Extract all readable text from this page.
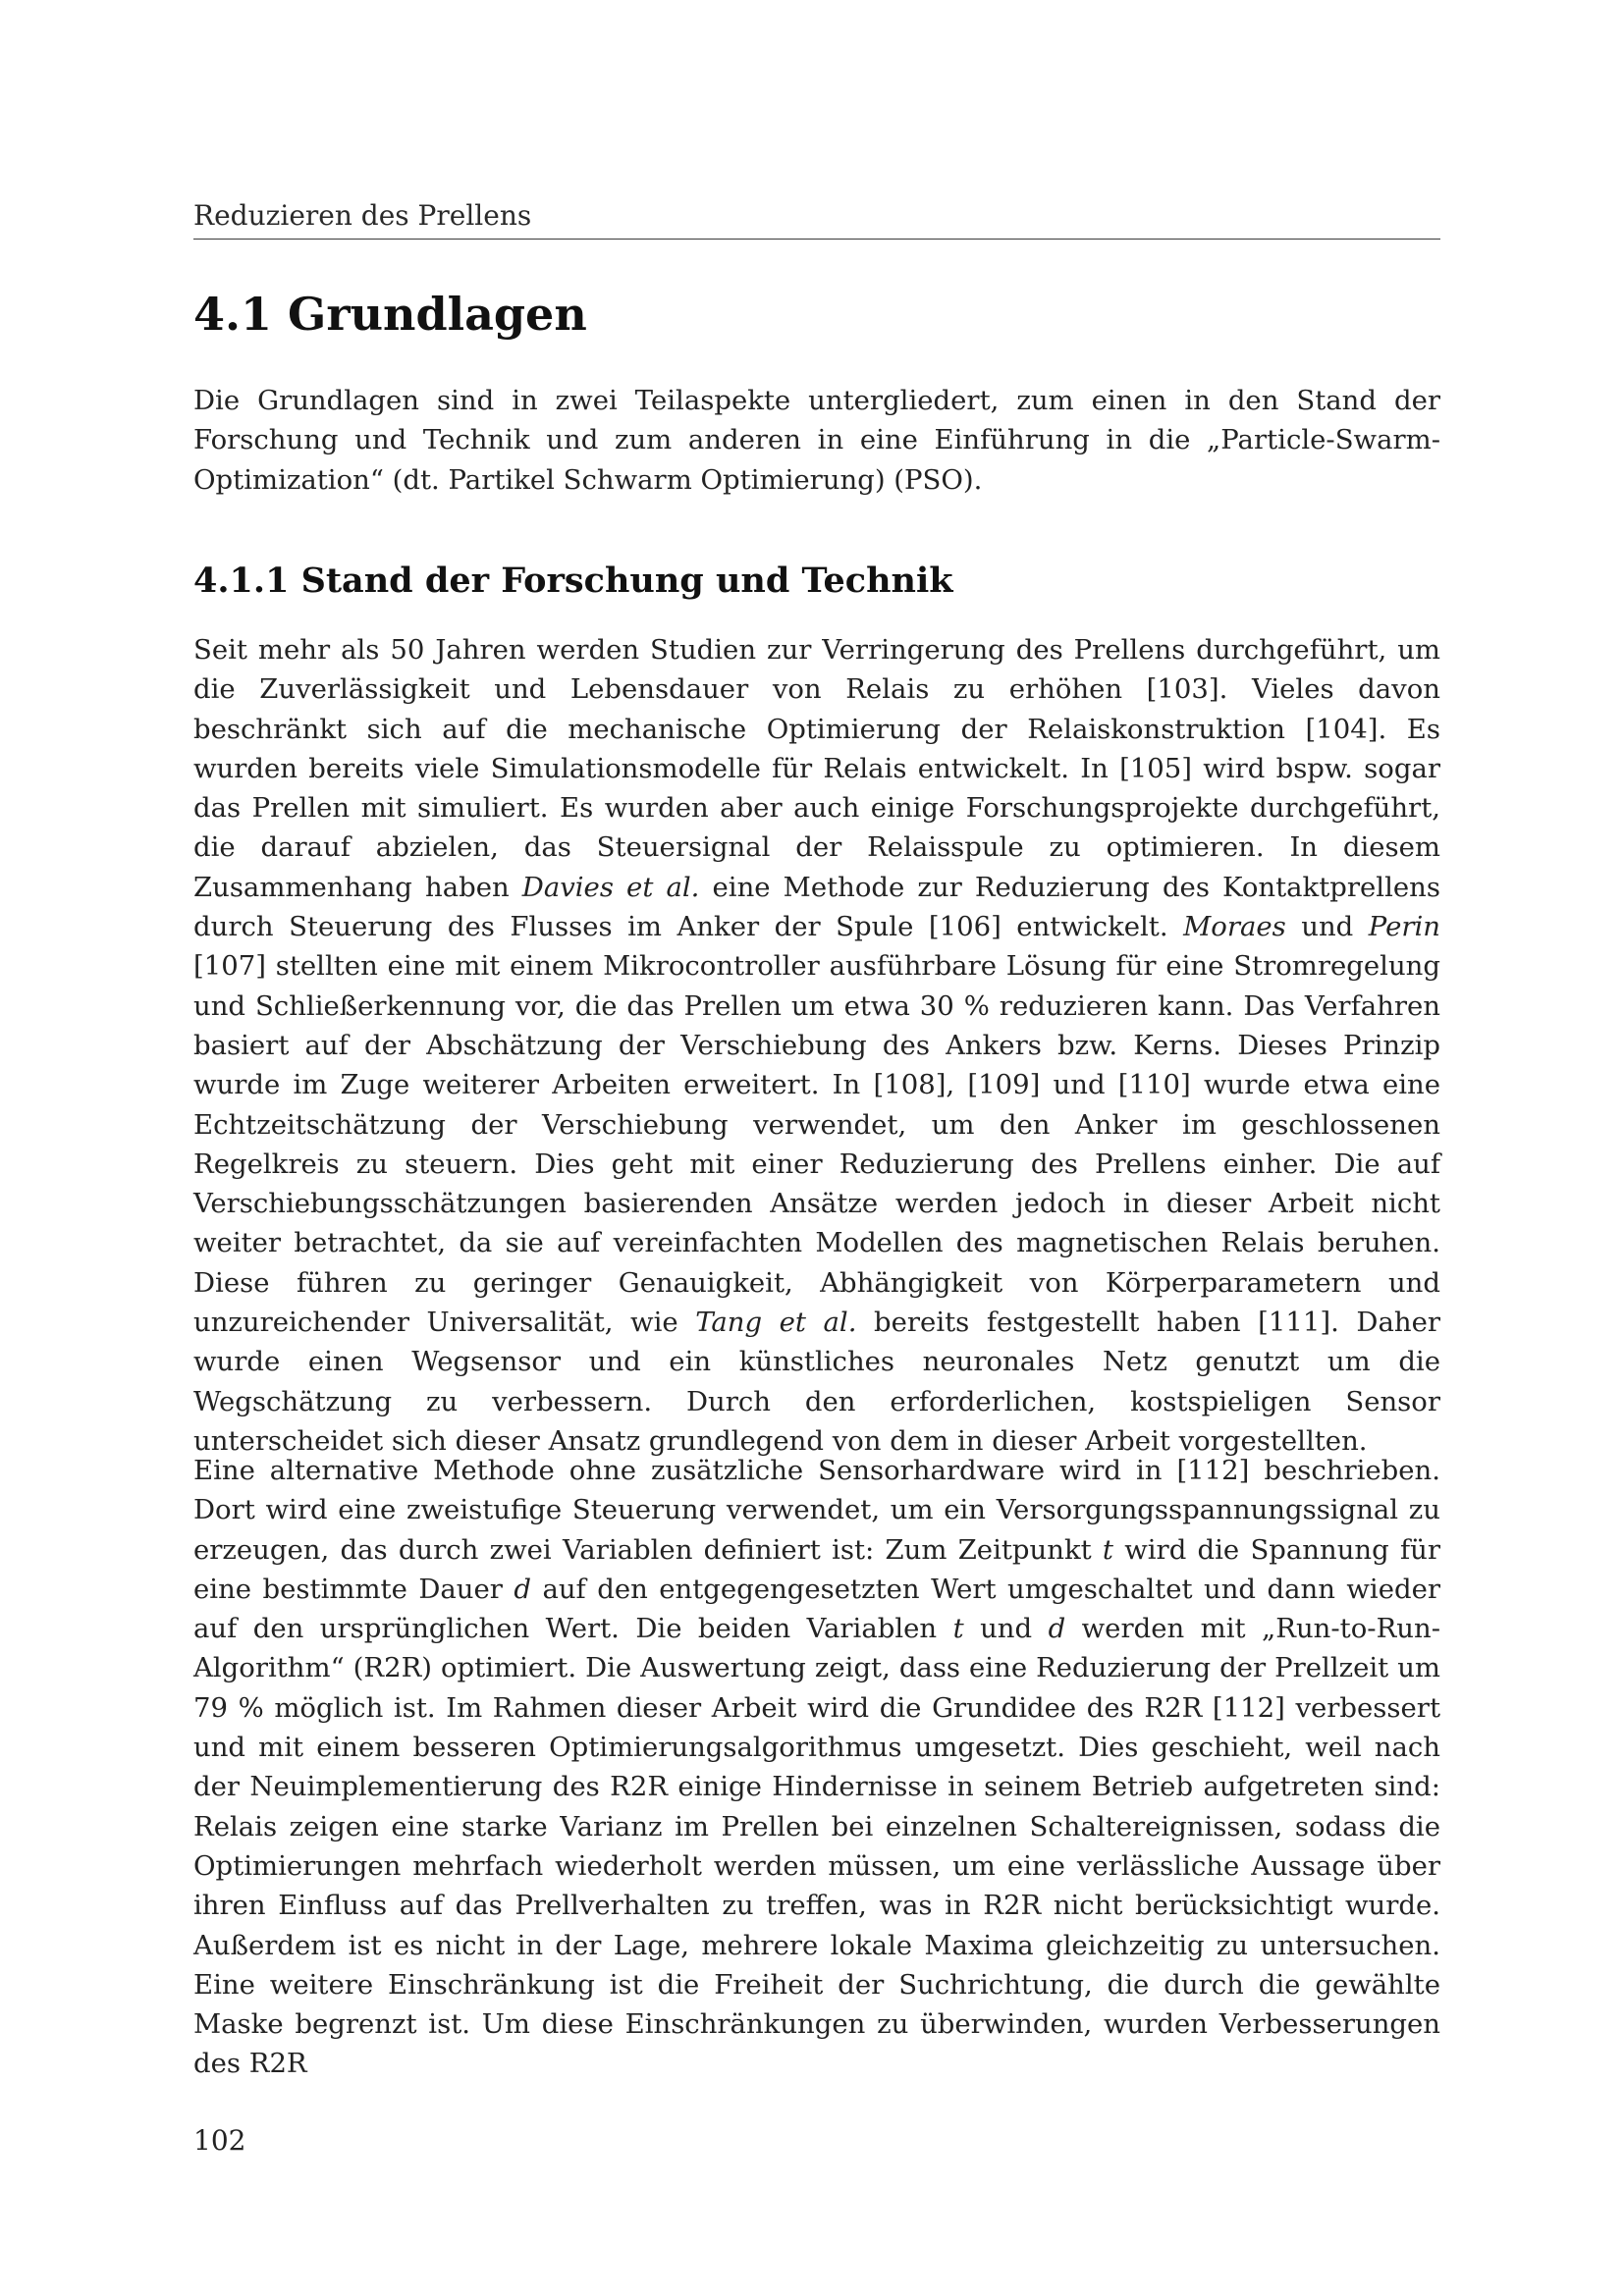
Reduzieren des Prellens
4.1 Grundlagen

Die Grundlagen sind in zwei Teilaspekte untergliedert, zum einen in den Stand der Forschung und Technik und zum anderen in eine Einführung in die „Particle-Swarm-Optimization“ (dt. Partikel Schwarm Optimierung) (PSO).

4.1.1 Stand der Forschung und Technik

Seit mehr als 50 Jahren werden Studien zur Verringerung des Prellens durchgeführt, um die Zuverlässigkeit und Lebensdauer von Relais zu erhöhen [103]. Vieles davon beschränkt sich auf die mechanische Optimierung der Relaiskonstruktion [104]. Es wurden bereits viele Simulationsmodelle für Relais entwickelt. In [105] wird bspw. sogar das Prellen mit simuliert. Es wurden aber auch einige Forschungsprojekte durchgeführt, die darauf abzielen, das Steuersignal der Relaisspule zu optimieren. In diesem Zusammenhang haben Davies et al. eine Methode zur Reduzierung des Kontaktprellens durch Steuerung des Flusses im Anker der Spule [106] entwickelt. Moraes und Perin [107] stellten eine mit einem Mikrocontroller ausführbare Lösung für eine Stromregelung und Schließerkennung vor, die das Prellen um etwa 30 % reduzieren kann. Das Verfahren basiert auf der Abschätzung der Verschiebung des Ankers bzw. Kerns. Dieses Prinzip wurde im Zuge weiterer Arbeiten erweitert. In [108], [109] und [110] wurde etwa eine Echtzeitschätzung der Verschiebung verwendet, um den Anker im geschlossenen Regelkreis zu steuern. Dies geht mit einer Reduzierung des Prellens einher. Die auf Verschiebungsschätzungen basierenden Ansätze werden jedoch in dieser Arbeit nicht weiter betrachtet, da sie auf vereinfachten Modellen des magnetischen Relais beruhen. Diese führen zu geringer Genauigkeit, Abhängigkeit von Körperparametern und unzureichender Universalität, wie Tang et al. bereits festgestellt haben [111]. Daher wurde einen Wegsensor und ein künstliches neuronales Netz genutzt um die Wegschätzung zu verbessern. Durch den erforderlichen, kostspieligen Sensor unterscheidet sich dieser Ansatz grundlegend von dem in dieser Arbeit vorgestellten.

Eine alternative Methode ohne zusätzliche Sensorhardware wird in [112] beschrieben. Dort wird eine zweistufige Steuerung verwendet, um ein Versorgungsspannungssignal zu erzeugen, das durch zwei Variablen definiert ist: Zum Zeitpunkt t wird die Spannung für eine bestimmte Dauer d auf den entgegengesetzten Wert umgeschaltet und dann wieder auf den ursprünglichen Wert. Die beiden Variablen t und d werden mit „Run-to-Run-Algorithm“ (R2R) optimiert. Die Auswertung zeigt, dass eine Reduzierung der Prellzeit um 79 % möglich ist. Im Rahmen dieser Arbeit wird die Grundidee des R2R [112] verbessert und mit einem besseren Optimierungsalgorithmus umgesetzt. Dies geschieht, weil nach der Neuimplementierung des R2R einige Hindernisse in seinem Betrieb aufgetreten sind: Relais zeigen eine starke Varianz im Prellen bei einzelnen Schaltereignissen, sodass die Optimierungen mehrfach wiederholt werden müssen, um eine verlässliche Aussage über ihren Einfluss auf das Prellverhalten zu treffen, was in R2R nicht berücksichtigt wurde. Außerdem ist es nicht in der Lage, mehrere lokale Maxima gleichzeitig zu untersuchen. Eine weitere Einschränkung ist die Freiheit der Suchrichtung, die durch die gewählte Maske begrenzt ist. Um diese Einschränkungen zu überwinden, wurden Verbesserungen des R2R

102
